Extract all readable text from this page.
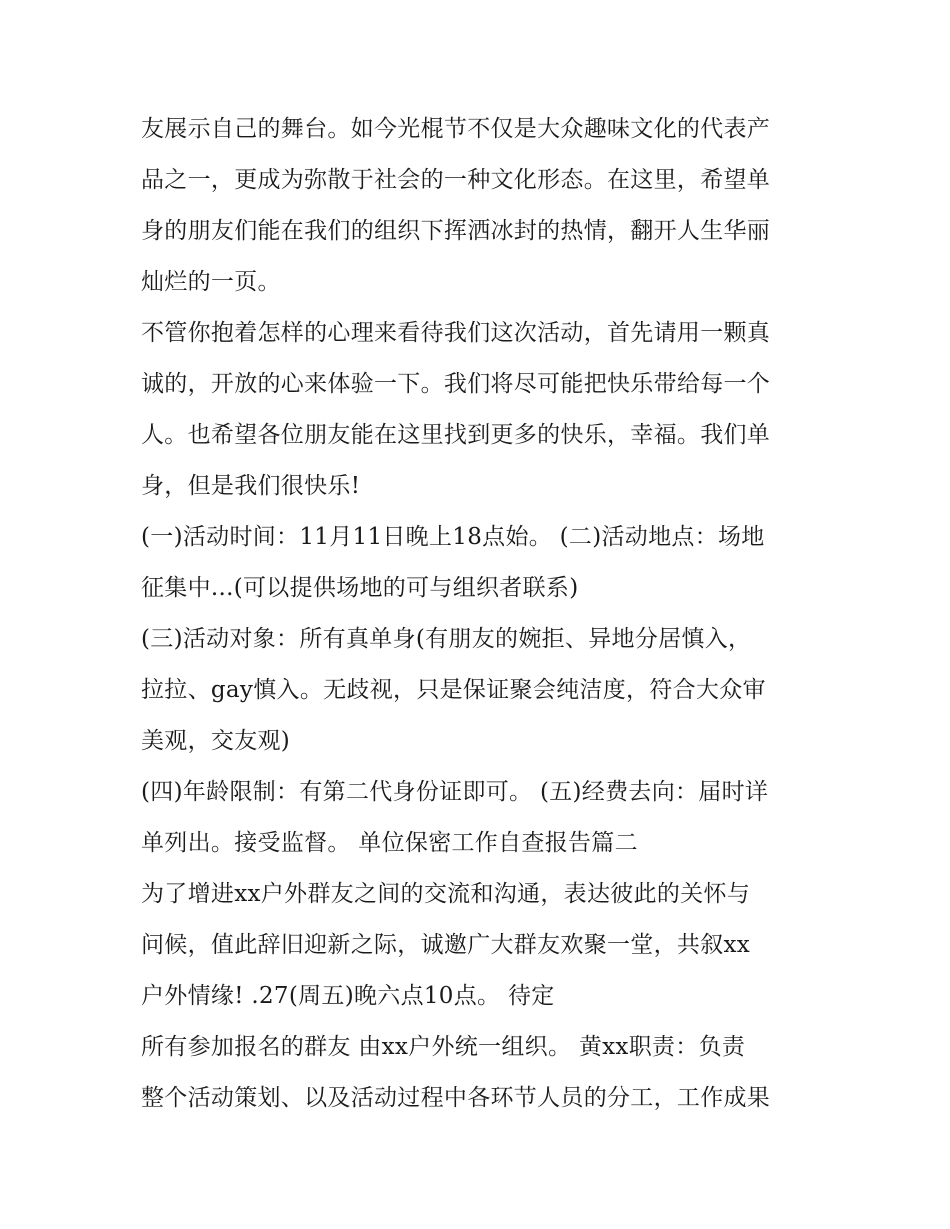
友展示自己的舞台。如今光棍节不仅是大众趣味文化的代表产
品之一，更成为弥散于社会的一种文化形态。在这里，希望单
身的朋友们能在我们的组织下挥洒冰封的热情，翻开人生华丽
灿烂的一页。
不管你抱着怎样的心理来看待我们这次活动，首先请用一颗真
诚的，开放的心来体验一下。我们将尽可能把快乐带给每一个
人。也希望各位朋友能在这里找到更多的快乐，幸福。我们单
身，但是我们很快乐!
(一)活动时间：11月11日晚上18点始。 (二)活动地点：场地
征集中...(可以提供场地的可与组织者联系)
(三)活动对象：所有真单身(有朋友的婉拒、异地分居慎入，
拉拉、gay慎入。无歧视，只是保证聚会纯洁度，符合大众审
美观，交友观)
(四)年龄限制：有第二代身份证即可。 (五)经费去向：届时详
单列出。接受监督。 单位保密工作自查报告篇二
为了增进xx户外群友之间的交流和沟通，表达彼此的关怀与
问候，值此辞旧迎新之际，诚邀广大群友欢聚一堂，共叙xx
户外情缘! .27(周五)晚六点10点。 待定
所有参加报名的群友 由xx户外统一组织。 黄xx职责：负责
整个活动策划、以及活动过程中各环节人员的分工，工作成果
